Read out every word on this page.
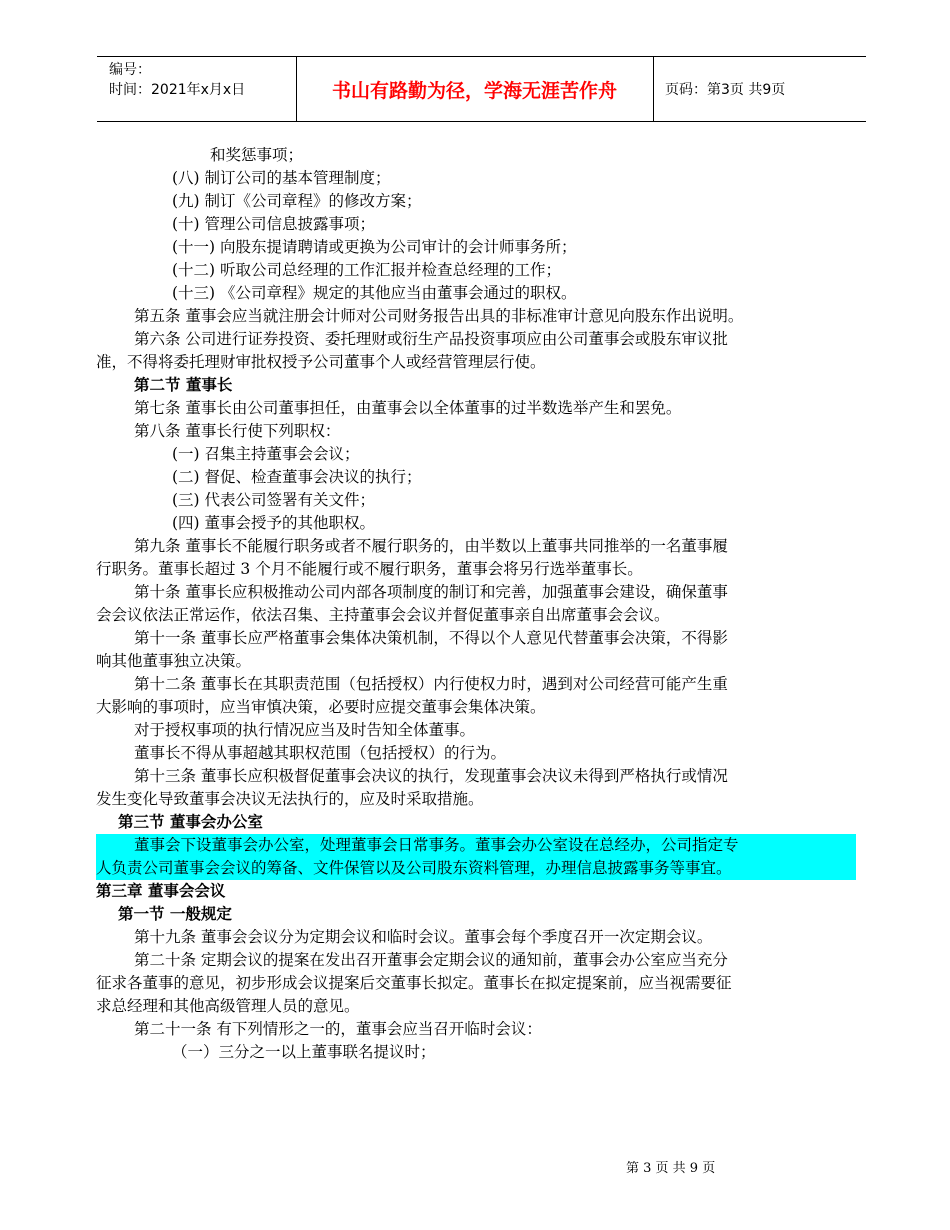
编号：
时间：2021年x月x日	书山有路勤为径，学海无涯苦作舟	页码：第3页 共9页
和奖惩事项；
(八) 制订公司的基本管理制度；
(九) 制订《公司章程》的修改方案；
(十) 管理公司信息披露事项；
(十一) 向股东提请聘请或更换为公司审计的会计师事务所；
(十二) 听取公司总经理的工作汇报并检查总经理的工作；
(十三) 《公司章程》规定的其他应当由董事会通过的职权。
第五条 董事会应当就注册会计师对公司财务报告出具的非标准审计意见向股东作出说明。
第六条 公司进行证券投资、委托理财或衍生产品投资事项应由公司董事会或股东审议批
准，不得将委托理财审批权授予公司董事个人或经营管理层行使。
第二节 董事长
第七条 董事长由公司董事担任，由董事会以全体董事的过半数选举产生和罢免。
第八条 董事长行使下列职权：
(一) 召集主持董事会会议；
(二) 督促、检查董事会决议的执行；
(三) 代表公司签署有关文件；
(四) 董事会授予的其他职权。
第九条 董事长不能履行职务或者不履行职务的，由半数以上董事共同推举的一名董事履
行职务。董事长超过 3 个月不能履行或不履行职务，董事会将另行选举董事长。
第十条 董事长应积极推动公司内部各项制度的制订和完善，加强董事会建设，确保董事
会会议依法正常运作，依法召集、主持董事会会议并督促董事亲自出席董事会会议。
第十一条 董事长应严格董事会集体决策机制，不得以个人意见代替董事会决策，不得影
响其他董事独立决策。
第十二条 董事长在其职责范围（包括授权）内行使权力时，遇到对公司经营可能产生重
大影响的事项时，应当审慎决策，必要时应提交董事会集体决策。
对于授权事项的执行情况应当及时告知全体董事。
董事长不得从事超越其职权范围（包括授权）的行为。
第十三条 董事长应积极督促董事会决议的执行，发现董事会决议未得到严格执行或情况
发生变化导致董事会决议无法执行的，应及时采取措施。
第三节 董事会办公室
董事会下设董事会办公室，处理董事会日常事务。董事会办公室设在总经办，公司指定专
人负责公司董事会会议的筹备、文件保管以及公司股东资料管理，办理信息披露事务等事宜。
第三章 董事会会议
第一节 一般规定
第十九条 董事会会议分为定期会议和临时会议。董事会每个季度召开一次定期会议。
第二十条 定期会议的提案在发出召开董事会定期会议的通知前，董事会办公室应当充分
征求各董事的意见，初步形成会议提案后交董事长拟定。董事长在拟定提案前，应当视需要征
求总经理和其他高级管理人员的意见。
第二十一条 有下列情形之一的，董事会应当召开临时会议：
（一）三分之一以上董事联名提议时；
第 3 页 共 9 页
